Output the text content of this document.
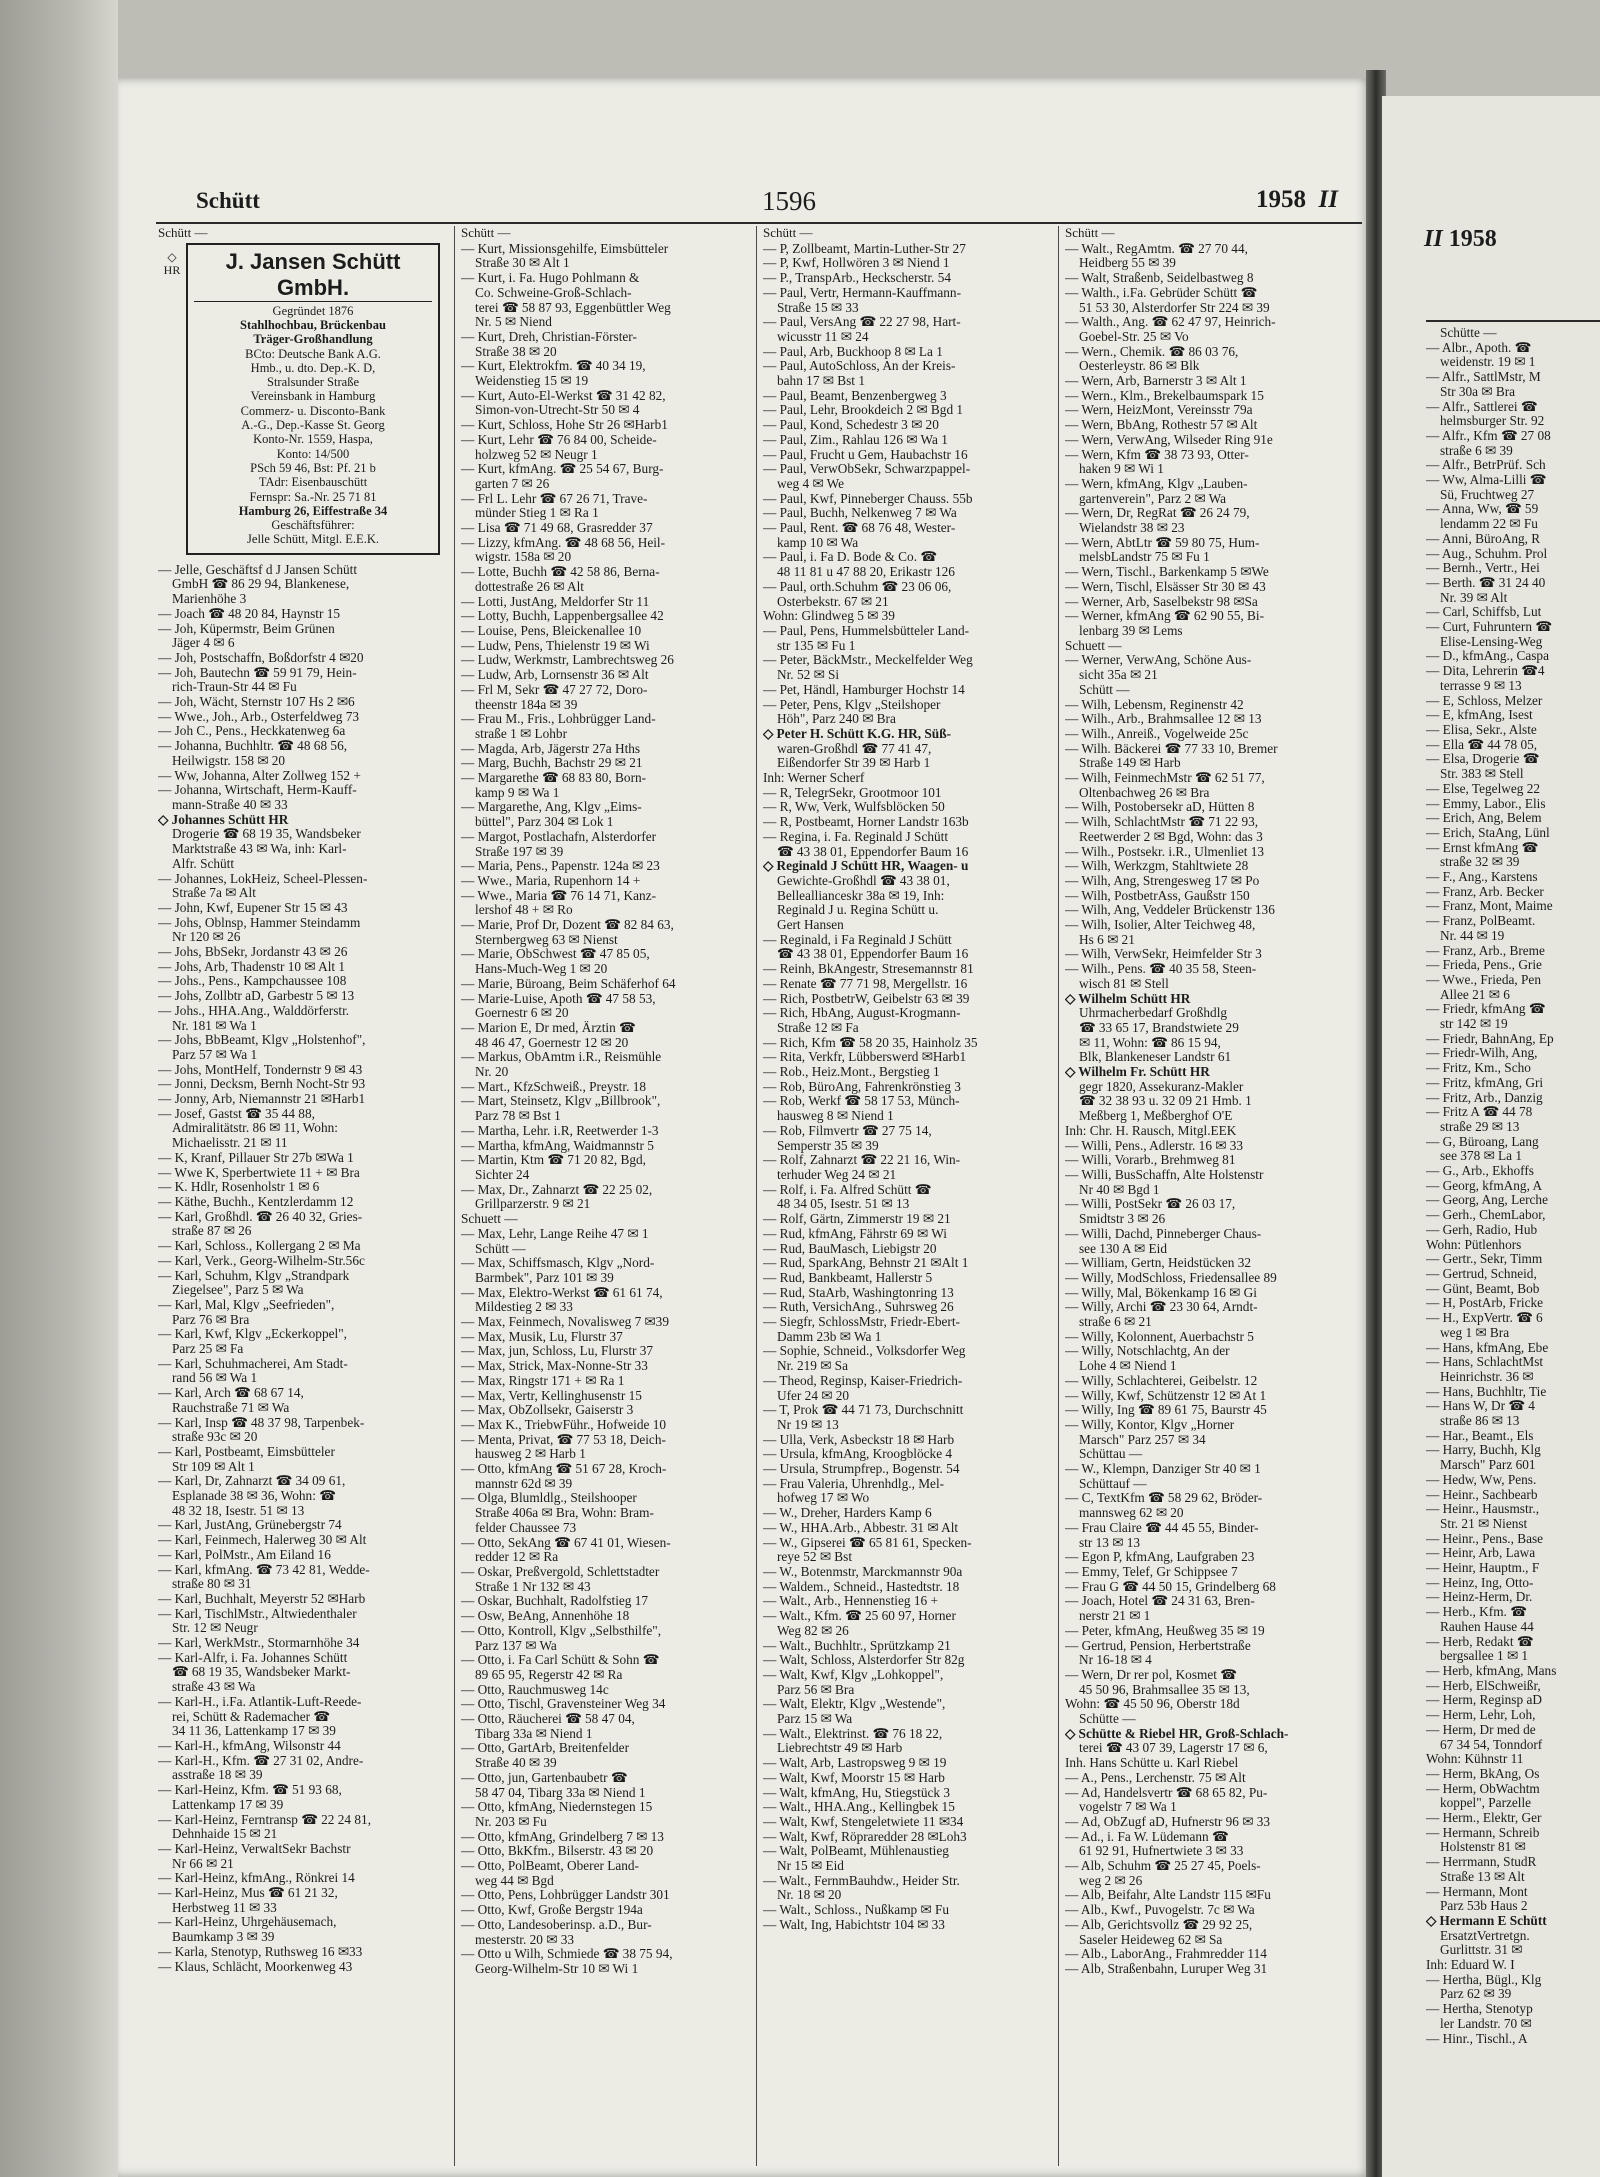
Schütt	1596	1958 II
Schütt —
◇
HR	J. Jansen Schütt GmbH.
Gegründet 1876
Stahlhochbau, Brückenbau
Träger-Großhandlung
BCto: Deutsche Bank A.G.
Hmb., u. dto. Dep.-K. D,
Stralsunder Straße
Vereinsbank in Hamburg
Commerz- u. Disconto-Bank
A.-G., Dep.-Kasse St. Georg
Konto-Nr. 1559, Haspa,
Konto: 14/500
PSch 59 46, Bst: Pf. 21 b
TAdr: Eisenbauschütt
Fernspr: Sa.-Nr. 25 71 81
Hamburg 26, Eiffestraße 34
Geschäftsführer:
Jelle Schütt, Mitgl. E.E.K.
— Jelle, Geschäftsf d J Jansen Schütt
GmbH ☎ 86 29 94, Blankenese,
Marienhöhe 3
— Joach ☎ 48 20 84, Haynstr 15
— Joh, Küpermstr, Beim Grünen
Jäger 4 ✉ 6
— Joh, Postschaffn, Boßdorfstr 4 ✉20
— Joh, Bautechn ☎ 59 91 79, Hein-
rich-Traun-Str 44 ✉ Fu
— Joh, Wächt, Sternstr 107 Hs 2 ✉6
— Wwe., Joh., Arb., Osterfeldweg 73
— Joh C., Pens., Heckkatenweg 6a
— Johanna, Buchhltr. ☎ 48 68 56,
Heilwigstr. 158 ✉ 20
— Ww, Johanna, Alter Zollweg 152 +
— Johanna, Wirtschaft, Herm-Kauff-
mann-Straße 40 ✉ 33
◇ Johannes Schütt HR
Drogerie ☎ 68 19 35, Wandsbeker
Marktstraße 43 ✉ Wa, inh: Karl-
Alfr. Schütt
— Johannes, LokHeiz, Scheel-Plessen-
Straße 7a ✉ Alt
— John, Kwf, Eupener Str 15 ✉ 43
— Johs, Oblnsp, Hammer Steindamm
Nr 120 ✉ 26
— Johs, BbSekr, Jordanstr 43 ✉ 26
— Johs, Arb, Thadenstr 10 ✉ Alt 1
— Johs., Pens., Kampchaussee 108
— Johs, Zollbtr aD, Garbestr 5 ✉ 13
— Johs., HHA.Ang., Walddörferstr.
Nr. 181 ✉ Wa 1
— Johs, BbBeamt, Klgv „Holstenhof",
Parz 57 ✉ Wa 1
— Johs, MontHelf, Tondernstr 9 ✉ 43
— Jonni, Decksm, Bernh Nocht-Str 93
— Jonny, Arb, Niemannstr 21 ✉Harb1
— Josef, Gastst ☎ 35 44 88,
Admiralitätstr. 86 ✉ 11, Wohn:
Michaelisstr. 21 ✉ 11
— K, Kranf, Pillauer Str 27b ✉Wa 1
— Wwe K, Sperbertwiete 11 + ✉ Bra
— K. Hdlr, Rosenholstr 1 ✉ 6
— Käthe, Buchh., Kentzlerdamm 12
— Karl, Großhdl. ☎ 26 40 32, Gries-
straße 87 ✉ 26
— Karl, Schloss., Kollergang 2 ✉ Ma
— Karl, Verk., Georg-Wilhelm-Str.56c
— Karl, Schuhm, Klgv „Strandpark
Ziegelsee", Parz 5 ✉ Wa
— Karl, Mal, Klgv „Seefrieden",
Parz 76 ✉ Bra
— Karl, Kwf, Klgv „Eckerkoppel",
Parz 25 ✉ Fa
— Karl, Schuhmacherei, Am Stadt-
rand 56 ✉ Wa 1
— Karl, Arch ☎ 68 67 14,
Rauchstraße 71 ✉ Wa
— Karl, Insp ☎ 48 37 98, Tarpenbek-
straße 93c ✉ 20
— Karl, Postbeamt, Eimsbütteler
Str 109 ✉ Alt 1
— Karl, Dr, Zahnarzt ☎ 34 09 61,
Esplanade 38 ✉ 36, Wohn: ☎
48 32 18, Isestr. 51 ✉ 13
— Karl, JustAng, Grünebergstr 74
— Karl, Feinmech, Halerweg 30 ✉ Alt
— Karl, PolMstr., Am Eiland 16
— Karl, kfmAng. ☎ 73 42 81, Wedde-
straße 80 ✉ 31
— Karl, Buchhalt, Meyerstr 52 ✉Harb
— Karl, TischlMstr., Altwiedenthaler
Str. 12 ✉ Neugr
— Karl, WerkMstr., Stormarnhöhe 34
— Karl-Alfr, i. Fa. Johannes Schütt
☎ 68 19 35, Wandsbeker Markt-
straße 43 ✉ Wa
— Karl-H., i.Fa. Atlantik-Luft-Reede-
rei, Schütt & Rademacher ☎
34 11 36, Lattenkamp 17 ✉ 39
— Karl-H., kfmAng, Wilsonstr 44
— Karl-H., Kfm. ☎ 27 31 02, Andre-
asstraße 18 ✉ 39
— Karl-Heinz, Kfm. ☎ 51 93 68,
Lattenkamp 17 ✉ 39
— Karl-Heinz, Ferntransp ☎ 22 24 81,
Dehnhaide 15 ✉ 21
— Karl-Heinz, VerwaltSekr Bachstr
Nr 66 ✉ 21
— Karl-Heinz, kfmAng., Rönkrei 14
— Karl-Heinz, Mus ☎ 61 21 32,
Herbstweg 11 ✉ 33
— Karl-Heinz, Uhrgehäusemach,
Baumkamp 3 ✉ 39
— Karla, Stenotyp, Ruthsweg 16 ✉33
— Klaus, Schlächt, Moorkenweg 43
Schütt —
— Kurt, Missionsgehilfe, Eimsbütteler
Straße 30 ✉ Alt 1
— Kurt, i. Fa. Hugo Pohlmann &
Co. Schweine-Groß-Schlach-
terei ☎ 58 87 93, Eggenbüttler Weg
Nr. 5 ✉ Niend
— Kurt, Dreh, Christian-Förster-
Straße 38 ✉ 20
— Kurt, Elektrokfm. ☎ 40 34 19,
Weidenstieg 15 ✉ 19
— Kurt, Auto-El-Werkst ☎ 31 42 82,
Simon-von-Utrecht-Str 50 ✉ 4
— Kurt, Schloss, Hohe Str 26 ✉Harb1
— Kurt, Lehr ☎ 76 84 00, Scheide-
holzweg 52 ✉ Neugr 1
— Kurt, kfmAng. ☎ 25 54 67, Burg-
garten 7 ✉ 26
— Frl L. Lehr ☎ 67 26 71, Trave-
münder Stieg 1 ✉ Ra 1
— Lisa ☎ 71 49 68, Grasredder 37
— Lizzy, kfmAng. ☎ 48 68 56, Heil-
wigstr. 158a ✉ 20
— Lotte, Buchh ☎ 42 58 86, Berna-
dottestraße 26 ✉ Alt
— Lotti, JustAng, Meldorfer Str 11
— Lotty, Buchh, Lappenbergsallee 42
— Louise, Pens, Bleickenallee 10
— Ludw, Pens, Thielenstr 19 ✉ Wi
— Ludw, Werkmstr, Lambrechtsweg 26
— Ludw, Arb, Lornsenstr 36 ✉ Alt
— Frl M, Sekr ☎ 47 27 72, Doro-
theenstr 184a ✉ 39
— Frau M., Fris., Lohbrügger Land-
straße 1 ✉ Lohbr
— Magda, Arb, Jägerstr 27a Hths
— Marg, Buchh, Bachstr 29 ✉ 21
— Margarethe ☎ 68 83 80, Born-
kamp 9 ✉ Wa 1
— Margarethe, Ang, Klgv „Eims-
büttel", Parz 304 ✉ Lok 1
— Margot, Postlachafn, Alsterdorfer
Straße 197 ✉ 39
— Maria, Pens., Papenstr. 124a ✉ 23
— Wwe., Maria, Rupenhorn 14 +
— Wwe., Maria ☎ 76 14 71, Kanz-
lershof 48 + ✉ Ro
— Marie, Prof Dr, Dozent ☎ 82 84 63,
Sternbergweg 63 ✉ Nienst
— Marie, ObSchwest ☎ 47 85 05,
Hans-Much-Weg 1 ✉ 20
— Marie, Büroang, Beim Schäferhof 64
— Marie-Luise, Apoth ☎ 47 58 53,
Goernestr 6 ✉ 20
— Marion E, Dr med, Ärztin ☎
48 46 47, Goernestr 12 ✉ 20
— Markus, ObAmtm i.R., Reismühle
Nr. 20
— Mart., KfzSchweiß., Preystr. 18
— Mart, Steinsetz, Klgv „Billbrook",
Parz 78 ✉ Bst 1
— Martha, Lehr. i.R, Reetwerder 1-3
— Martha, kfmAng, Waidmannstr 5
— Martin, Ktm ☎ 71 20 82, Bgd,
Sichter 24
— Max, Dr., Zahnarzt ☎ 22 25 02,
Grillparzerstr. 9 ✉ 21
Schuett —
— Max, Lehr, Lange Reihe 47 ✉ 1
Schütt —
— Max, Schiffsmasch, Klgv „Nord-
Barmbek", Parz 101 ✉ 39
— Max, Elektro-Werkst ☎ 61 61 74,
Mildestieg 2 ✉ 33
— Max, Feinmech, Novalisweg 7 ✉39
— Max, Musik, Lu, Flurstr 37
— Max, jun, Schloss, Lu, Flurstr 37
— Max, Strick, Max-Nonne-Str 33
— Max, Ringstr 171 + ✉ Ra 1
— Max, Vertr, Kellinghusenstr 15
— Max, ObZollsekr, Gaiserstr 3
— Max K., TriebwFühr., Hofweide 10
— Menta, Privat, ☎ 77 53 18, Deich-
hausweg 2 ✉ Harb 1
— Otto, kfmAng ☎ 51 67 28, Kroch-
mannstr 62d ✉ 39
— Olga, Blumldlg., Steilshooper
Straße 406a ✉ Bra, Wohn: Bram-
felder Chaussee 73
— Otto, SekAng ☎ 67 41 01, Wiesen-
redder 12 ✉ Ra
— Oskar, Preßvergold, Schlettstadter
Straße 1 Nr 132 ✉ 43
— Oskar, Buchhalt, Radolfstieg 17
— Osw, BeAng, Annenhöhe 18
— Otto, Kontroll, Klgv „Selbsthilfe",
Parz 137 ✉ Wa
— Otto, i. Fa Carl Schütt & Sohn ☎
89 65 95, Regerstr 42 ✉ Ra
— Otto, Rauchmusweg 14c
— Otto, Tischl, Gravensteiner Weg 34
— Otto, Räucherei ☎ 58 47 04,
Tibarg 33a ✉ Niend 1
— Otto, GartArb, Breitenfelder
Straße 40 ✉ 39
— Otto, jun, Gartenbaubetr ☎
58 47 04, Tibarg 33a ✉ Niend 1
— Otto, kfmAng, Niedernstegen 15
Nr. 203 ✉ Fu
— Otto, kfmAng, Grindelberg 7 ✉ 13
— Otto, BkKfm., Bilserstr. 43 ✉ 20
— Otto, PolBeamt, Oberer Land-
weg 44 ✉ Bgd
— Otto, Pens, Lohbrügger Landstr 301
— Otto, Kwf, Große Bergstr 194a
— Otto, Landesoberinsp. a.D., Bur-
mesterstr. 20 ✉ 33
— Otto u Wilh, Schmiede ☎ 38 75 94,
Georg-Wilhelm-Str 10 ✉ Wi 1
Schütt —
— P, Zollbeamt, Martin-Luther-Str 27
— P, Kwf, Hollwören 3 ✉ Niend 1
— P., TranspArb., Heckscherstr. 54
— Paul, Vertr, Hermann-Kauffmann-
Straße 15 ✉ 33
— Paul, VersAng ☎ 22 27 98, Hart-
wicusstr 11 ✉ 24
— Paul, Arb, Buckhoop 8 ✉ La 1
— Paul, AutoSchloss, An der Kreis-
bahn 17 ✉ Bst 1
— Paul, Beamt, Benzenbergweg 3
— Paul, Lehr, Brookdeich 2 ✉ Bgd 1
— Paul, Kond, Schedestr 3 ✉ 20
— Paul, Zim., Rahlau 126 ✉ Wa 1
— Paul, Frucht u Gem, Haubachstr 16
— Paul, VerwObSekr, Schwarzpappel-
weg 4 ✉ We
— Paul, Kwf, Pinneberger Chauss. 55b
— Paul, Buchh, Nelkenweg 7 ✉ Wa
— Paul, Rent. ☎ 68 76 48, Wester-
kamp 10 ✉ Wa
— Paul, i. Fa D. Bode & Co. ☎
48 11 81 u 47 88 20, Erikastr 126
— Paul, orth.Schuhm ☎ 23 06 06,
Osterbekstr. 67 ✉ 21
Wohn: Glindweg 5 ✉ 39
— Paul, Pens, Hummelsbütteler Land-
str 135 ✉ Fu 1
— Peter, BäckMstr., Meckelfelder Weg
Nr. 52 ✉ Si
— Pet, Händl, Hamburger Hochstr 14
— Peter, Pens, Klgv „Steilshoper
Höh", Parz 240 ✉ Bra
◇ Peter H. Schütt K.G. HR, Süß-
waren-Großhdl ☎ 77 41 47,
Eißendorfer Str 39 ✉ Harb 1
Inh: Werner Scherf
— R, TelegrSekr, Grootmoor 101
— R, Ww, Verk, Wulfsblöcken 50
— R, Postbeamt, Horner Landstr 163b
— Regina, i. Fa. Reginald J Schütt
☎ 43 38 01, Eppendorfer Baum 16
◇ Reginald J Schütt HR, Waagen- u
Gewichte-Großhdl ☎ 43 38 01,
Belleallianceskr 38a ✉ 19, Inh:
Reginald J u. Regina Schütt u.
Gert Hansen
— Reginald, i Fa Reginald J Schütt
☎ 43 38 01, Eppendorfer Baum 16
— Reinh, BkAngestr, Stresemannstr 81
— Renate ☎ 77 71 98, Mergellstr. 16
— Rich, PostbetrW, Geibelstr 63 ✉ 39
— Rich, HbAng, August-Krogmann-
Straße 12 ✉ Fa
— Rich, Kfm ☎ 58 20 35, Hainholz 35
— Rita, Verkfr, Lübberswerd ✉Harb1
— Rob., Heiz.Mont., Bergstieg 1
— Rob, BüroAng, Fahrenkrönstieg 3
— Rob, Werkf ☎ 58 17 53, Münch-
hausweg 8 ✉ Niend 1
— Rob, Filmvertr ☎ 27 75 14,
Semperstr 35 ✉ 39
— Rolf, Zahnarzt ☎ 22 21 16, Win-
terhuder Weg 24 ✉ 21
— Rolf, i. Fa. Alfred Schütt ☎
48 34 05, Isestr. 51 ✉ 13
— Rolf, Gärtn, Zimmerstr 19 ✉ 21
— Rud, kfmAng, Fährstr 69 ✉ Wi
— Rud, BauMasch, Liebigstr 20
— Rud, SparkAng, Behnstr 21 ✉Alt 1
— Rud, Bankbeamt, Hallerstr 5
— Rud, StaArb, Washingtonring 13
— Ruth, VersichAng., Suhrsweg 26
— Siegfr, SchlossMstr, Friedr-Ebert-
Damm 23b ✉ Wa 1
— Sophie, Schneid., Volksdorfer Weg
Nr. 219 ✉ Sa
— Theod, Reginsp, Kaiser-Friedrich-
Ufer 24 ✉ 20
— T, Prok ☎ 44 71 73, Durchschnitt
Nr 19 ✉ 13
— Ulla, Verk, Asbeckstr 18 ✉ Harb
— Ursula, kfmAng, Kroogblöcke 4
— Ursula, Strumpfrep., Bogenstr. 54
— Frau Valeria, Uhrenhdlg., Mel-
hofweg 17 ✉ Wo
— W., Dreher, Harders Kamp 6
— W., HHA.Arb., Abbestr. 31 ✉ Alt
— W., Gipserei ☎ 65 81 61, Specken-
reye 52 ✉ Bst
— W., Botenmstr, Marckmannstr 90a
— Waldem., Schneid., Hastedtstr. 18
— Walt., Arb., Hennenstieg 16 +
— Walt., Kfm. ☎ 25 60 97, Horner
Weg 82 ✉ 26
— Walt., Buchhltr., Sprützkamp 21
— Walt, Schloss, Alsterdorfer Str 82g
— Walt, Kwf, Klgv „Lohkoppel",
Parz 56 ✉ Bra
— Walt, Elektr, Klgv „Westende",
Parz 15 ✉ Wa
— Walt., Elektrinst. ☎ 76 18 22,
Liebrechtstr 49 ✉ Harb
— Walt, Arb, Lastropsweg 9 ✉ 19
— Walt, Kwf, Moorstr 15 ✉ Harb
— Walt, kfmAng, Hu, Stiegstück 3
— Walt., HHA.Ang., Kellingbek 15
— Walt, Kwf, Stengeletwiete 11 ✉34
— Walt, Kwf, Röpraredder 28 ✉Loh3
— Walt, PolBeamt, Mühlenaustieg
Nr 15 ✉ Eid
— Walt., FernmBauhdw., Heider Str.
Nr. 18 ✉ 20
— Walt., Schloss., Nußkamp ✉ Fu
— Walt, Ing, Habichtstr 104 ✉ 33
Schütt —
— Walt., RegAmtm. ☎ 27 70 44,
Heidberg 55 ✉ 39
— Walt, Straßenb, Seidelbastweg 8
— Walth., i.Fa. Gebrüder Schütt ☎
51 53 30, Alsterdorfer Str 224 ✉ 39
— Walth., Ang. ☎ 62 47 97, Heinrich-
Goebel-Str. 25 ✉ Vo
— Wern., Chemik. ☎ 86 03 76,
Oesterleystr. 86 ✉ Blk
— Wern, Arb, Barnerstr 3 ✉ Alt 1
— Wern., Klm., Brekelbaumspark 15
— Wern, HeizMont, Vereinsstr 79a
— Wern, BbAng, Rothestr 57 ✉ Alt
— Wern, VerwAng, Wilseder Ring 91e
— Wern, Kfm ☎ 38 73 93, Otter-
haken 9 ✉ Wi 1
— Wern, kfmAng, Klgv „Lauben-
gartenverein", Parz 2 ✉ Wa
— Wern, Dr, RegRat ☎ 26 24 79,
Wielandstr 38 ✉ 23
— Wern, AbtLtr ☎ 59 80 75, Hum-
melsbLandstr 75 ✉ Fu 1
— Wern, Tischl., Barkenkamp 5 ✉We
— Wern, Tischl, Elsässer Str 30 ✉ 43
— Werner, Arb, Saselbekstr 98 ✉Sa
— Werner, kfmAng ☎ 62 90 55, Bi-
lenbarg 39 ✉ Lems
Schuett —
— Werner, VerwAng, Schöne Aus-
sicht 35a ✉ 21
Schütt —
— Wilh, Lebensm, Reginenstr 42
— Wilh., Arb., Brahmsallee 12 ✉ 13
— Wilh., Anreiß., Vogelweide 25c
— Wilh. Bäckerei ☎ 77 33 10, Bremer
Straße 149 ✉ Harb
— Wilh, FeinmechMstr ☎ 62 51 77,
Oltenbachweg 26 ✉ Bra
— Wilh, Postobersekr aD, Hütten 8
— Wilh, SchlachtMstr ☎ 71 22 93,
Reetwerder 2 ✉ Bgd, Wohn: das 3
— Wilh., Postsekr. i.R., Ulmenliet 13
— Wilh, Werkzgm, Stahltwiete 28
— Wilh, Ang, Strengesweg 17 ✉ Po
— Wilh, PostbetrAss, Gaußstr 150
— Wilh, Ang, Veddeler Brückenstr 136
— Wilh, Isolier, Alter Teichweg 48,
Hs 6 ✉ 21
— Wilh, VerwSekr, Heimfelder Str 3
— Wilh., Pens. ☎ 40 35 58, Steen-
wisch 81 ✉ Stell
◇ Wilhelm Schütt HR
Uhrmacherbedarf Großhdlg
☎ 33 65 17, Brandstwiete 29
✉ 11, Wohn: ☎ 86 15 94,
Blk, Blankeneser Landstr 61
◇ Wilhelm Fr. Schütt HR
gegr 1820, Assekuranz-Makler
☎ 32 38 93 u. 32 09 21 Hmb. 1
Meßberg 1, Meßberghof O'E
Inh: Chr. H. Rausch, Mitgl.EEK
— Willi, Pens., Adlerstr. 16 ✉ 33
— Willi, Vorarb., Brehmweg 81
— Willi, BusSchaffn, Alte Holstenstr
Nr 40 ✉ Bgd 1
— Willi, PostSekr ☎ 26 03 17,
Smidtstr 3 ✉ 26
— Willi, Dachd, Pinneberger Chaus-
see 130 A ✉ Eid
— William, Gertn, Heidstücken 32
— Willy, ModSchloss, Friedensallee 89
— Willy, Mal, Bökenkamp 16 ✉ Gi
— Willy, Archi ☎ 23 30 64, Arndt-
straße 6 ✉ 21
— Willy, Kolonnent, Auerbachstr 5
— Willy, Notschlachtg, An der
Lohe 4 ✉ Niend 1
— Willy, Schlachterei, Geibelstr. 12
— Willy, Kwf, Schützenstr 12 ✉ At 1
— Willy, Ing ☎ 89 61 75, Baurstr 45
— Willy, Kontor, Klgv „Horner
Marsch" Parz 257 ✉ 34
Schüttau —
— W., Klempn, Danziger Str 40 ✉ 1
Schüttauf —
— C, TextKfm ☎ 58 29 62, Bröder-
mannsweg 62 ✉ 20
— Frau Claire ☎ 44 45 55, Binder-
str 13 ✉ 13
— Egon P, kfmAng, Laufgraben 23
— Emmy, Telef, Gr Schippsee 7
— Frau G ☎ 44 50 15, Grindelberg 68
— Joach, Hotel ☎ 24 31 63, Bren-
nerstr 21 ✉ 1
— Peter, kfmAng, Heußweg 35 ✉ 19
— Gertrud, Pension, Herbertstraße
Nr 16-18 ✉ 4
— Wern, Dr rer pol, Kosmet ☎
45 50 96, Brahmsallee 35 ✉ 13,
Wohn: ☎ 45 50 96, Oberstr 18d
Schütte —
◇ Schütte & Riebel HR, Groß-Schlach-
terei ☎ 43 07 39, Lagerstr 17 ✉ 6,
Inh. Hans Schütte u. Karl Riebel
— A., Pens., Lerchenstr. 75 ✉ Alt
— Ad, Handelsvertr ☎ 68 65 82, Pu-
vogelstr 7 ✉ Wa 1
— Ad, ObZugf aD, Hufnerstr 96 ✉ 33
— Ad., i. Fa W. Lüdemann ☎
61 92 91, Hufnertwiete 3 ✉ 33
— Alb, Schuhm ☎ 25 27 45, Poels-
weg 2 ✉ 26
— Alb, Beifahr, Alte Landstr 115 ✉Fu
— Alb., Kwf., Puvogelstr. 7c ✉ Wa
— Alb, Gerichtsvollz ☎ 29 92 25,
Saseler Heideweg 62 ✉ Sa
— Alb., LaborAng., Frahmredder 114
— Alb, Straßenbahn, Luruper Weg 31
II 1958
Schütte —
— Albr., Apoth. ☎
weidenstr. 19 ✉ 1
— Alfr., SattlMstr, M
Str 30a ✉ Bra
— Alfr., Sattlerei ☎
helmsburger Str. 92
— Alfr., Kfm ☎ 27 08
straße 6 ✉ 39
— Alfr., BetrPrüf. Sch
— Ww, Alma-Lilli ☎
Sü, Fruchtweg 27
— Anna, Ww, ☎ 59
lendamm 22 ✉ Fu
— Anni, BüroAng, R
— Aug., Schuhm. Prol
— Bernh., Vertr., Hei
— Berth. ☎ 31 24 40
Nr. 39 ✉ Alt
— Carl, Schiffsb, Lut
— Curt, Fuhruntern ☎
Elise-Lensing-Weg
— D., kfmAng., Caspa
— Dita, Lehrerin ☎4
terrasse 9 ✉ 13
— E, Schloss, Melzer
— E, kfmAng, Isest
— Elisa, Sekr., Alste
— Ella ☎ 44 78 05,
— Elsa, Drogerie ☎
Str. 383 ✉ Stell
— Else, Tegelweg 22
— Emmy, Labor., Elis
— Erich, Ang, Belem
— Erich, StaAng, Lünl
— Ernst kfmAng ☎
straße 32 ✉ 39
— F., Ang., Karstens
— Franz, Arb. Becker
— Franz, Mont, Maime
— Franz, PolBeamt.
Nr. 44 ✉ 19
— Franz, Arb., Breme
— Frieda, Pens., Grie
— Wwe., Frieda, Pen
Allee 21 ✉ 6
— Friedr, kfmAng ☎
str 142 ✉ 19
— Friedr, BahnAng, Ep
— Friedr-Wilh, Ang,
— Fritz, Km., Scho
— Fritz, kfmAng, Gri
— Fritz, Arb., Danzig
— Fritz A ☎ 44 78
straße 29 ✉ 13
— G, Büroang, Lang
see 378 ✉ La 1
— G., Arb., Ekhoffs
— Georg, kfmAng, A
— Georg, Ang, Lerche
— Gerh., ChemLabor,
— Gerh, Radio, Hub
Wohn: Pütlenhors
— Gertr., Sekr, Timm
— Gertrud, Schneid,
— Günt, Beamt, Bob
— H, PostArb, Fricke
— H., ExpVertr. ☎ 6
weg 1 ✉ Bra
— Hans, kfmAng, Ebe
— Hans, SchlachtMst
Heinrichstr. 36 ✉
— Hans, Buchhltr, Tie
— Hans W, Dr ☎ 4
straße 86 ✉ 13
— Har., Beamt., Els
— Harry, Buchh, Klg
Marsch" Parz 601
— Hedw, Ww, Pens.
— Heinr., Sachbearb
— Heinr., Hausmstr.,
Str. 21 ✉ Nienst
— Heinr., Pens., Base
— Heinr, Arb, Lawa
— Heinr, Hauptm., F
— Heinz, Ing, Otto-
— Heinz-Herm, Dr.
— Herb., Kfm. ☎
Rauhen Hause 44
— Herb, Redakt ☎
bergsallee 1 ✉ 1
— Herb, kfmAng, Mans
— Herb, ElSchweißr,
— Herm, Reginsp aD
— Herm, Lehr, Loh,
— Herm, Dr med de
67 34 54, Tonndorf
Wohn: Kühnstr 11
— Herm, BkAng, Os
— Herm, ObWachtm
koppel", Parzelle
— Herm., Elektr, Ger
— Hermann, Schreib
Holstenstr 81 ✉
— Herrmann, StudR
Straße 13 ✉ Alt
— Hermann, Mont
Parz 53b Haus 2
◇ Hermann E Schütt
ErsatztVertretgn.
Gurlittstr. 31 ✉
Inh: Eduard W. I
— Hertha, Bügl., Klg
Parz 62 ✉ 39
— Hertha, Stenotyp
ler Landstr. 70 ✉
— Hinr., Tischl., A
